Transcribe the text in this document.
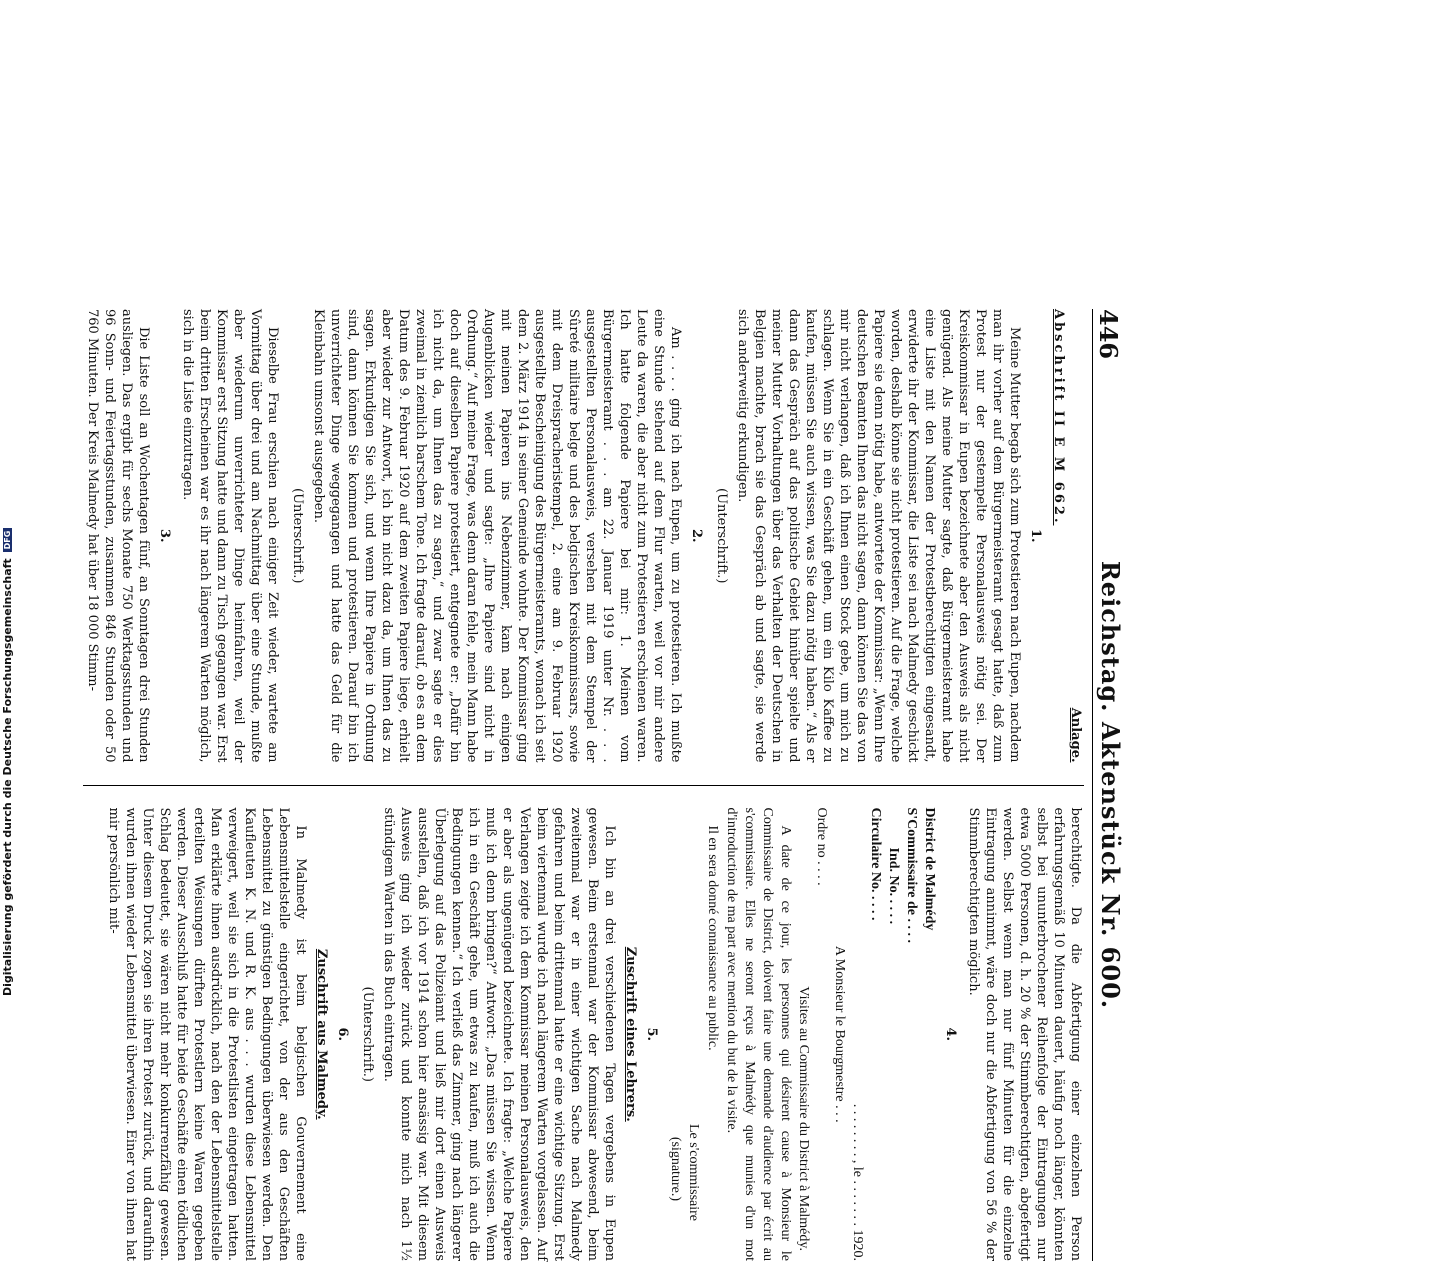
446
Reichstag. Aktenstück Nr. 600.
Anlage.
Abschrift II E M 662.
1.

Meine Mutter begab sich zum Protestieren nach Eupen, nachdem man ihr vorher auf dem Bürgermeisteramt gesagt hatte, daß zum Protest nur der gestempelte Personalausweis nötig sei. Der Kreiskommissar in Eupen bezeichnete aber den Ausweis als nicht genügend. Als meine Mutter sagte, daß Bürgermeisteramt habe eine Liste mit den Namen der Protestberechtigten eingesandt, erwiderte ihr der Kommissar, die Liste sei nach Malmedy geschickt worden, deshalb könne sie nicht protestieren. Auf die Frage, welche Papiere sie denn nötig habe, antwortete der Kommissar: „Wenn Ihre deutschen Beamten Ihnen das nicht sagen, dann können Sie das von mir nicht verlangen, daß ich Ihnen einen Stock gebe, um mich zu schlagen. Wenn Sie in ein Geschäft gehen, um ein Kilo Kaffee zu kaufen, müssen Sie auch wissen, was Sie dazu nötig haben.“ Als er dann das Gespräch auf das politische Gebiet hinüber spielte und meiner Mutter Vorhaltungen über das Verhalten der Deutschen in Belgien machte, brach sie das Gespräch ab und sagte, sie werde sich anderweitig erkundigen.

(Unterschrift.)
2.

Am . . . . ging ich nach Eupen, um zu protestieren. Ich mußte eine Stunde stehend auf dem Flur warten, weil vor mir andere Leute da waren, die aber nicht zum Protestieren erschienen waren. Ich hatte folgende Papiere bei mir: 1. Meinen vom Bürgermeisteramt . . . am 22. Januar 1919 unter Nr. . . . ausgestellten Personalausweis, versehen mit dem Stempel der Sûreté militaire belge und des belgischen Kreiskommissars, sowie mit dem Dreispracheristempel, 2. eine am 9. Februar 1920 ausgestellte Bescheinigung des Bürgermeisteramts, wonach ich seit dem 2. März 1914 in seiner Gemeinde wohnte. Der Kommissar ging mit meinen Papieren ins Nebenzimmer, kam nach einigen Augenblicken wieder und sagte: „Ihre Papiere sind nicht in Ordnung.“ Auf meine Frage, was denn daran fehle, mein Mann habe doch auf dieselben Papiere protestiert, entgegnete er: „Dafür bin ich nicht da, um Ihnen das zu sagen,“ und zwar sagte er dies zweimal in ziemlich barschem Tone. Ich fragte darauf, ob es an dem Datum des 9. Februar 1920 auf dem zweiten Papiere liege, erhielt aber wieder zur Antwort, ich bin nicht dazu da, um Ihnen das zu sagen. Erkundigen Sie sich, und wenn Ihre Papiere in Ordnung sind, dann können Sie kommen und protestieren. Darauf bin ich unverrichteter Dinge weggegangen und hatte das Geld für die Kleinbahn umsonst ausgegeben.

(Unterschrift.)

Dieselbe Frau erschien nach einiger Zeit wieder, wartete am Vormittag über drei und am Nachmittag über eine Stunde, mußte aber wiederum unverrichteter Dinge heimfahren, weil der Kommissar erst Sitzung hatte und dann zu Tisch gegangen war. Erst beim dritten Erscheinen war es ihr nach längerem Warten möglich, sich in die Liste einzutragen.

3.

Die Liste soll an Wochentagen fünf, an Sonntagen drei Stunden ausliegen. Das ergibt für sechs Monate 750 Werktagsstunden und 96 Sonn- und Feiertagsstunden, zusammen 846 Stunden oder 50 760 Minuten. Der Kreis Malmedy hat über 18 000 Stimm-

berechtigte. Da die Abfertigung einer einzelnen Person erfahrungsgemäß 10 Minuten dauert, häufig noch länger, könnten selbst bei ununterbrochener Reihenfolge der Eintragungen nur etwa 5000 Personen, d. h. 20 % der Stimmberechtigten, abgefertigt werden. Selbst wenn man nur fünf Minuten für die einzelne Eintragung annimmt, wäre doch nur die Abfertigung von 56 % der Stimmberechtigten möglich.

4.
District de Malmédy
S'Commissaire de . . . .
Ind. No. . . . .
Circulaire No. . . . .
. . . . . . . . , le . . . . . . . 1920.
A Monsieur le Bourgmestre . . .
Ordre no . . . .
Visites au Commissaire du District à Malmédy.

A date de ce jour, les personnes qui désirent cause à Monsieur le Commissaire de District, doivent faire une demande d'audience par écrit au s'commissaire. Elles ne seront reçus à Malmédy que munies d'un mot d'introduction de ma part avec mention du but de la visite.

Il en sera donné connaissance au public.

Le s'commissaire
(signature.)
5.
Zuschrift eines Lehrers.

Ich bin an drei verschiedenen Tagen vergebens in Eupen gewesen. Beim erstenmal war der Kommissar abwesend, beim zweitenmal war er in einer wichtigen Sache nach Malmedy gefahren und beim drittenmal hatte er eine wichtige Sitzung. Erst beim viertenmal wurde ich nach längerem Warten vorgelassen. Auf Verlangen zeigte ich dem Kommissar meinen Personalausweis, den er aber als ungenügend bezeichnete. Ich fragte: „Welche Papiere muß ich denn bringen?“ Antwort: „Das müssen Sie wissen. Wenn ich in ein Geschäft gehe, um etwas zu kaufen, muß ich auch die Bedingungen kennen.“ Ich verließ das Zimmer, ging nach längerer Überlegung auf das Polizeiamt und ließ mir dort einen Ausweis ausstellen, daß ich vor 1914 schon hier ansässig war. Mit diesem Ausweis ging ich wieder zurück und konnte mich nach 1½ stündigem Warten in das Buch eintragen.

(Unterschrift.)
6.
Zuschrift aus Malmedy.

In Malmedy ist beim belgischen Gouvernement eine Lebensmittelstelle eingerichtet, von der aus den Geschäften Lebensmittel zu günstigen Bedingungen überwiesen werden. Den Kaufleuten K. N. und R. K. aus . . . wurden diese Lebensmittel verweigert, weil sie sich in die Protestlisten eingetragen hatten. Man erklärte ihnen ausdrücklich, nach den der Lebensmittelstelle erteilten Weisungen dürften Protestlern keine Waren gegeben werden. Dieser Ausschluß hatte für beide Geschäfte einen tödlichen Schlag bedeutet, sie wären nicht mehr konkurrenzfähig gewesen. Unter diesem Druck zogen sie ihren Protest zurück, und daraufhin wurden ihnen wieder Lebensmittel überwiesen. Einer von ihnen hat mir persönlich mit-

Digitalisierung gefördert durch die Deutsche Forschungsgemeinschaft
DFG
